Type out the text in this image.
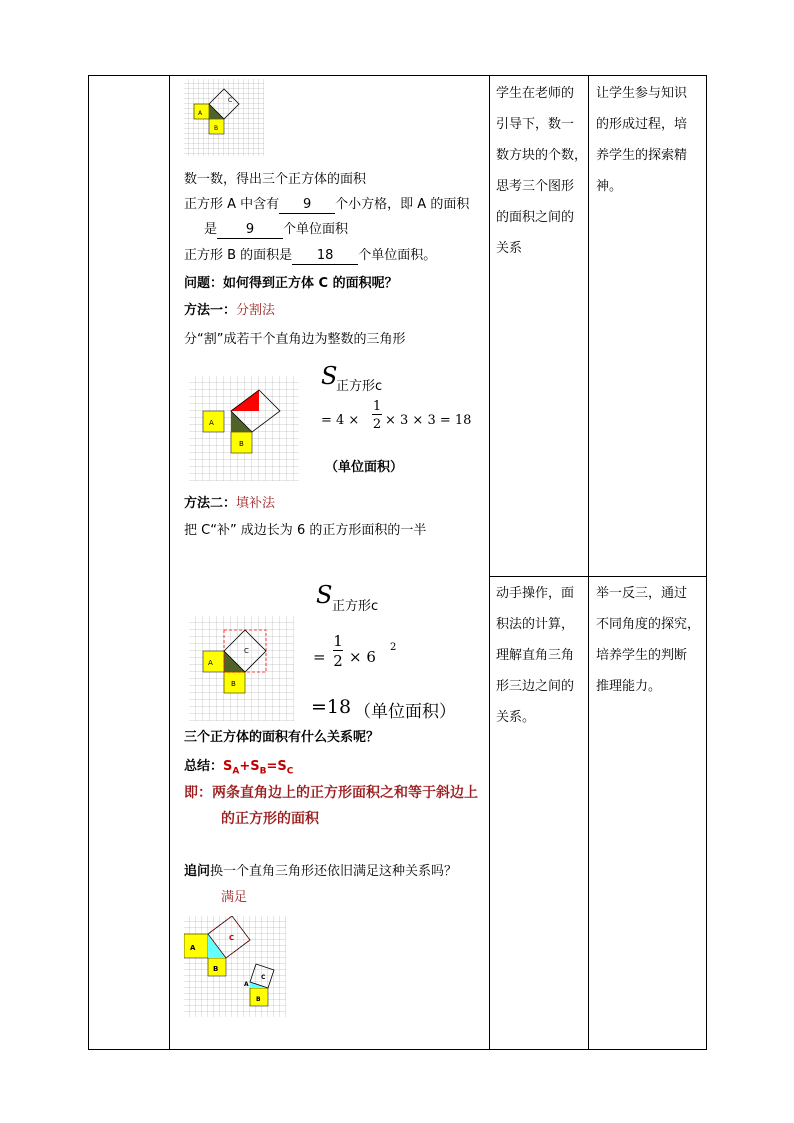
A
B
C
数一数，得出三个正方体的面积
正方形 A 中含有 9 个小方格，即 A 的面积
是 9 个单位面积
正方形 B 的面积是 18 个单位面积。
问题：如何得到正方体 C 的面积呢？
方法一：分割法
分“割”成若干个直角边为整数的三角形
A
B
S
正方形c
= 4 ×
1
2 × 3 × 3 = 18
（单位面积）
方法二：填补法
把 C“补” 成边长为 6 的正方形面积的一半
A
B
C
S 正方形c
=
1
2 × 6
2
=18 （单位面积）
三个正方体的面积有什么关系呢？
总结：$S_A+S_B=S_C$
即：两条直角边上的正方形面积之和等于斜边上
的正方形的面积
追问换一个直角三角形还依旧满足这种关系吗？
满足
A
B
C
A
B
C
学生在老师的
引导下，数一
数方块的个数，
思考三个图形
的面积之间的
关系
动手操作，面
积法的计算，
理解直角三角
形三边之间的
关系。
让学生参与知识
的形成过程，培
养学生的探索精
神。
举一反三，通过
不同角度的探究，
培养学生的判断
推理能力。
